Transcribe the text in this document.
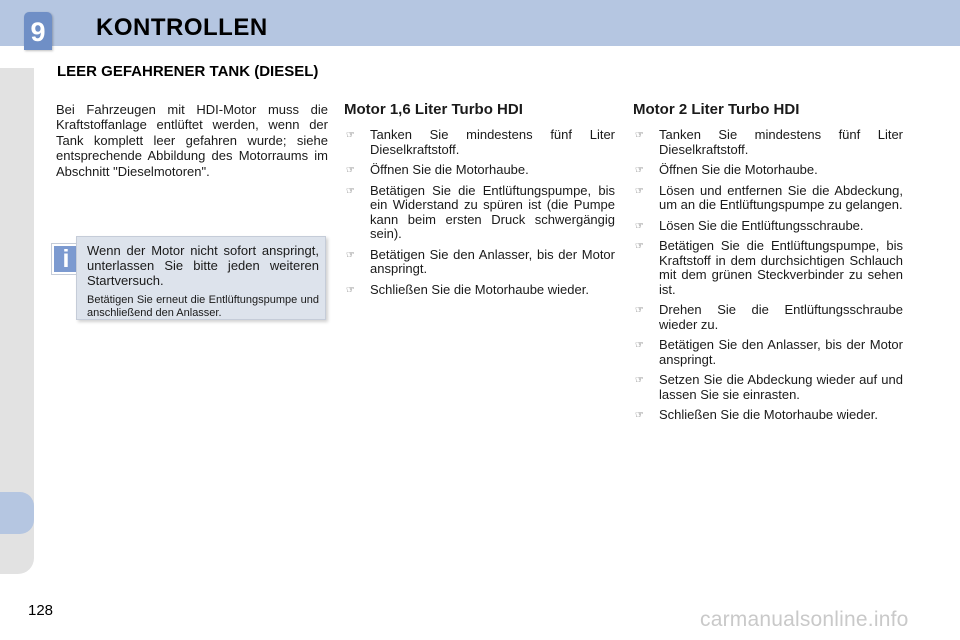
9 KONTROLLEN
LEER GEFAHRENER TANK (DIESEL)

Bei Fahrzeugen mit HDI-Motor muss die Kraftstoffanlage entlüftet werden, wenn der Tank komplett leer gefahren wurde; siehe entsprechende Abbildung des Motorraums im Abschnitt "Dieselmotoren".

i	Wenn der Motor nicht sofort anspringt, unterlassen Sie bitte jeden weiteren Startversuch.

Betätigen Sie erneut die Entlüftungspumpe und anschließend den Anlasser.

Motor 1,6 Liter Turbo HDI
☞ Tanken Sie mindestens fünf Liter Dieselkraftstoff.
☞ Öffnen Sie die Motorhaube.
☞ Betätigen Sie die Entlüftungspumpe, bis ein Widerstand zu spüren ist (die Pumpe kann beim ersten Druck schwergängig sein).
☞ Betätigen Sie den Anlasser, bis der Motor anspringt.
☞ Schließen Sie die Motorhaube wieder.
Motor 2 Liter Turbo HDI
☞ Tanken Sie mindestens fünf Liter Dieselkraftstoff.
☞ Öffnen Sie die Motorhaube.
☞ Lösen und entfernen Sie die Abdeckung, um an die Entlüftungspumpe zu gelangen.
☞ Lösen Sie die Entlüftungsschraube.
☞ Betätigen Sie die Entlüftungspumpe, bis Kraftstoff in dem durchsichtigen Schlauch mit dem grünen Steckverbinder zu sehen ist.
☞ Drehen Sie die Entlüftungsschraube wieder zu.
☞ Betätigen Sie den Anlasser, bis der Motor anspringt.
☞ Setzen Sie die Abdeckung wieder auf und lassen Sie sie einrasten.
☞ Schließen Sie die Motorhaube wieder.
128	carmanualsonline.info
